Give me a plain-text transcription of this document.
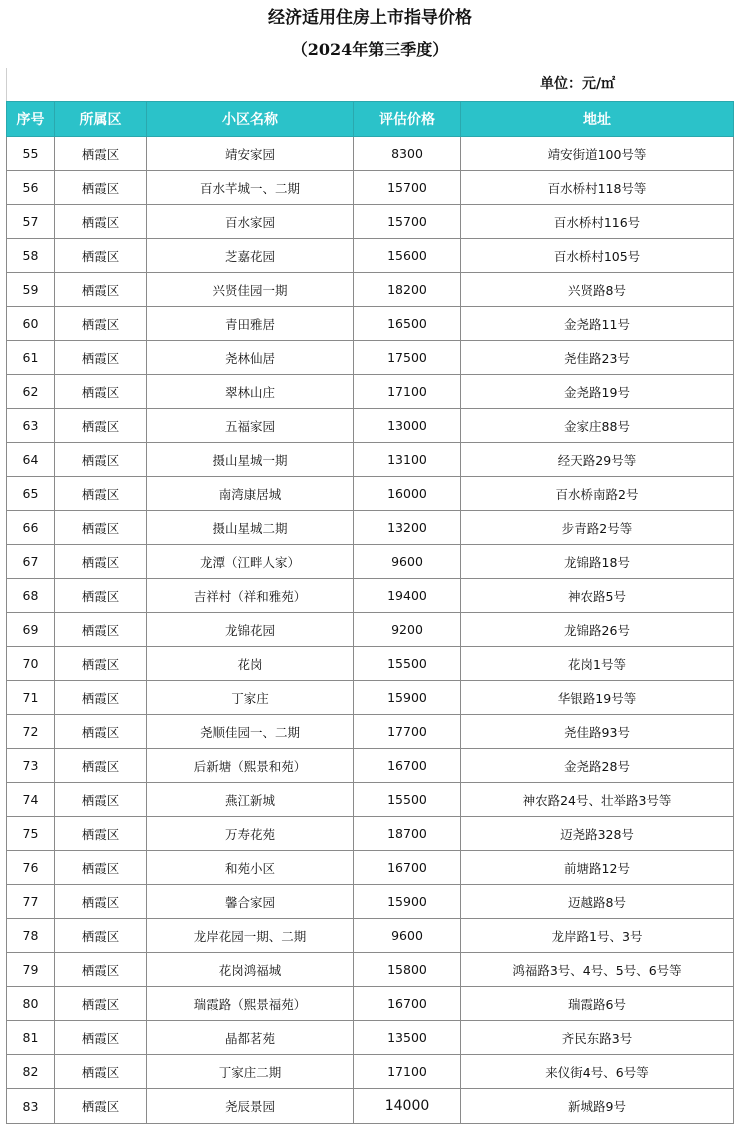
经济适用住房上市指导价格
（2024年第三季度）
单位：元/㎡
序号	所属区	小区名称	评估价格	地址
55	栖霞区	靖安家园	8300	靖安街道100号等
56	栖霞区	百水芊城一、二期	15700	百水桥村118号等
57	栖霞区	百水家园	15700	百水桥村116号
58	栖霞区	芝嘉花园	15600	百水桥村105号
59	栖霞区	兴贤佳园一期	18200	兴贤路8号
60	栖霞区	青田雅居	16500	金尧路11号
61	栖霞区	尧林仙居	17500	尧佳路23号
62	栖霞区	翠林山庄	17100	金尧路19号
63	栖霞区	五福家园	13000	金家庄88号
64	栖霞区	摄山星城一期	13100	经天路29号等
65	栖霞区	南湾康居城	16000	百水桥南路2号
66	栖霞区	摄山星城二期	13200	步青路2号等
67	栖霞区	龙潭（江畔人家）	9600	龙锦路18号
68	栖霞区	吉祥村（祥和雅苑）	19400	神农路5号
69	栖霞区	龙锦花园	9200	龙锦路26号
70	栖霞区	花岗	15500	花岗1号等
71	栖霞区	丁家庄	15900	华银路19号等
72	栖霞区	尧顺佳园一、二期	17700	尧佳路93号
73	栖霞区	后新塘（熙景和苑）	16700	金尧路28号
74	栖霞区	燕江新城	15500	神农路24号、壮举路3号等
75	栖霞区	万寿花苑	18700	迈尧路328号
76	栖霞区	和苑小区	16700	前塘路12号
77	栖霞区	馨合家园	15900	迈越路8号
78	栖霞区	龙岸花园一期、二期	9600	龙岸路1号、3号
79	栖霞区	花岗鸿福城	15800	鸿福路3号、4号、5号、6号等
80	栖霞区	瑞霞路（熙景福苑）	16700	瑞霞路6号
81	栖霞区	晶都茗苑	13500	齐民东路3号
82	栖霞区	丁家庄二期	17100	来仪街4号、6号等
83	栖霞区	尧辰景园	14000	新城路9号
